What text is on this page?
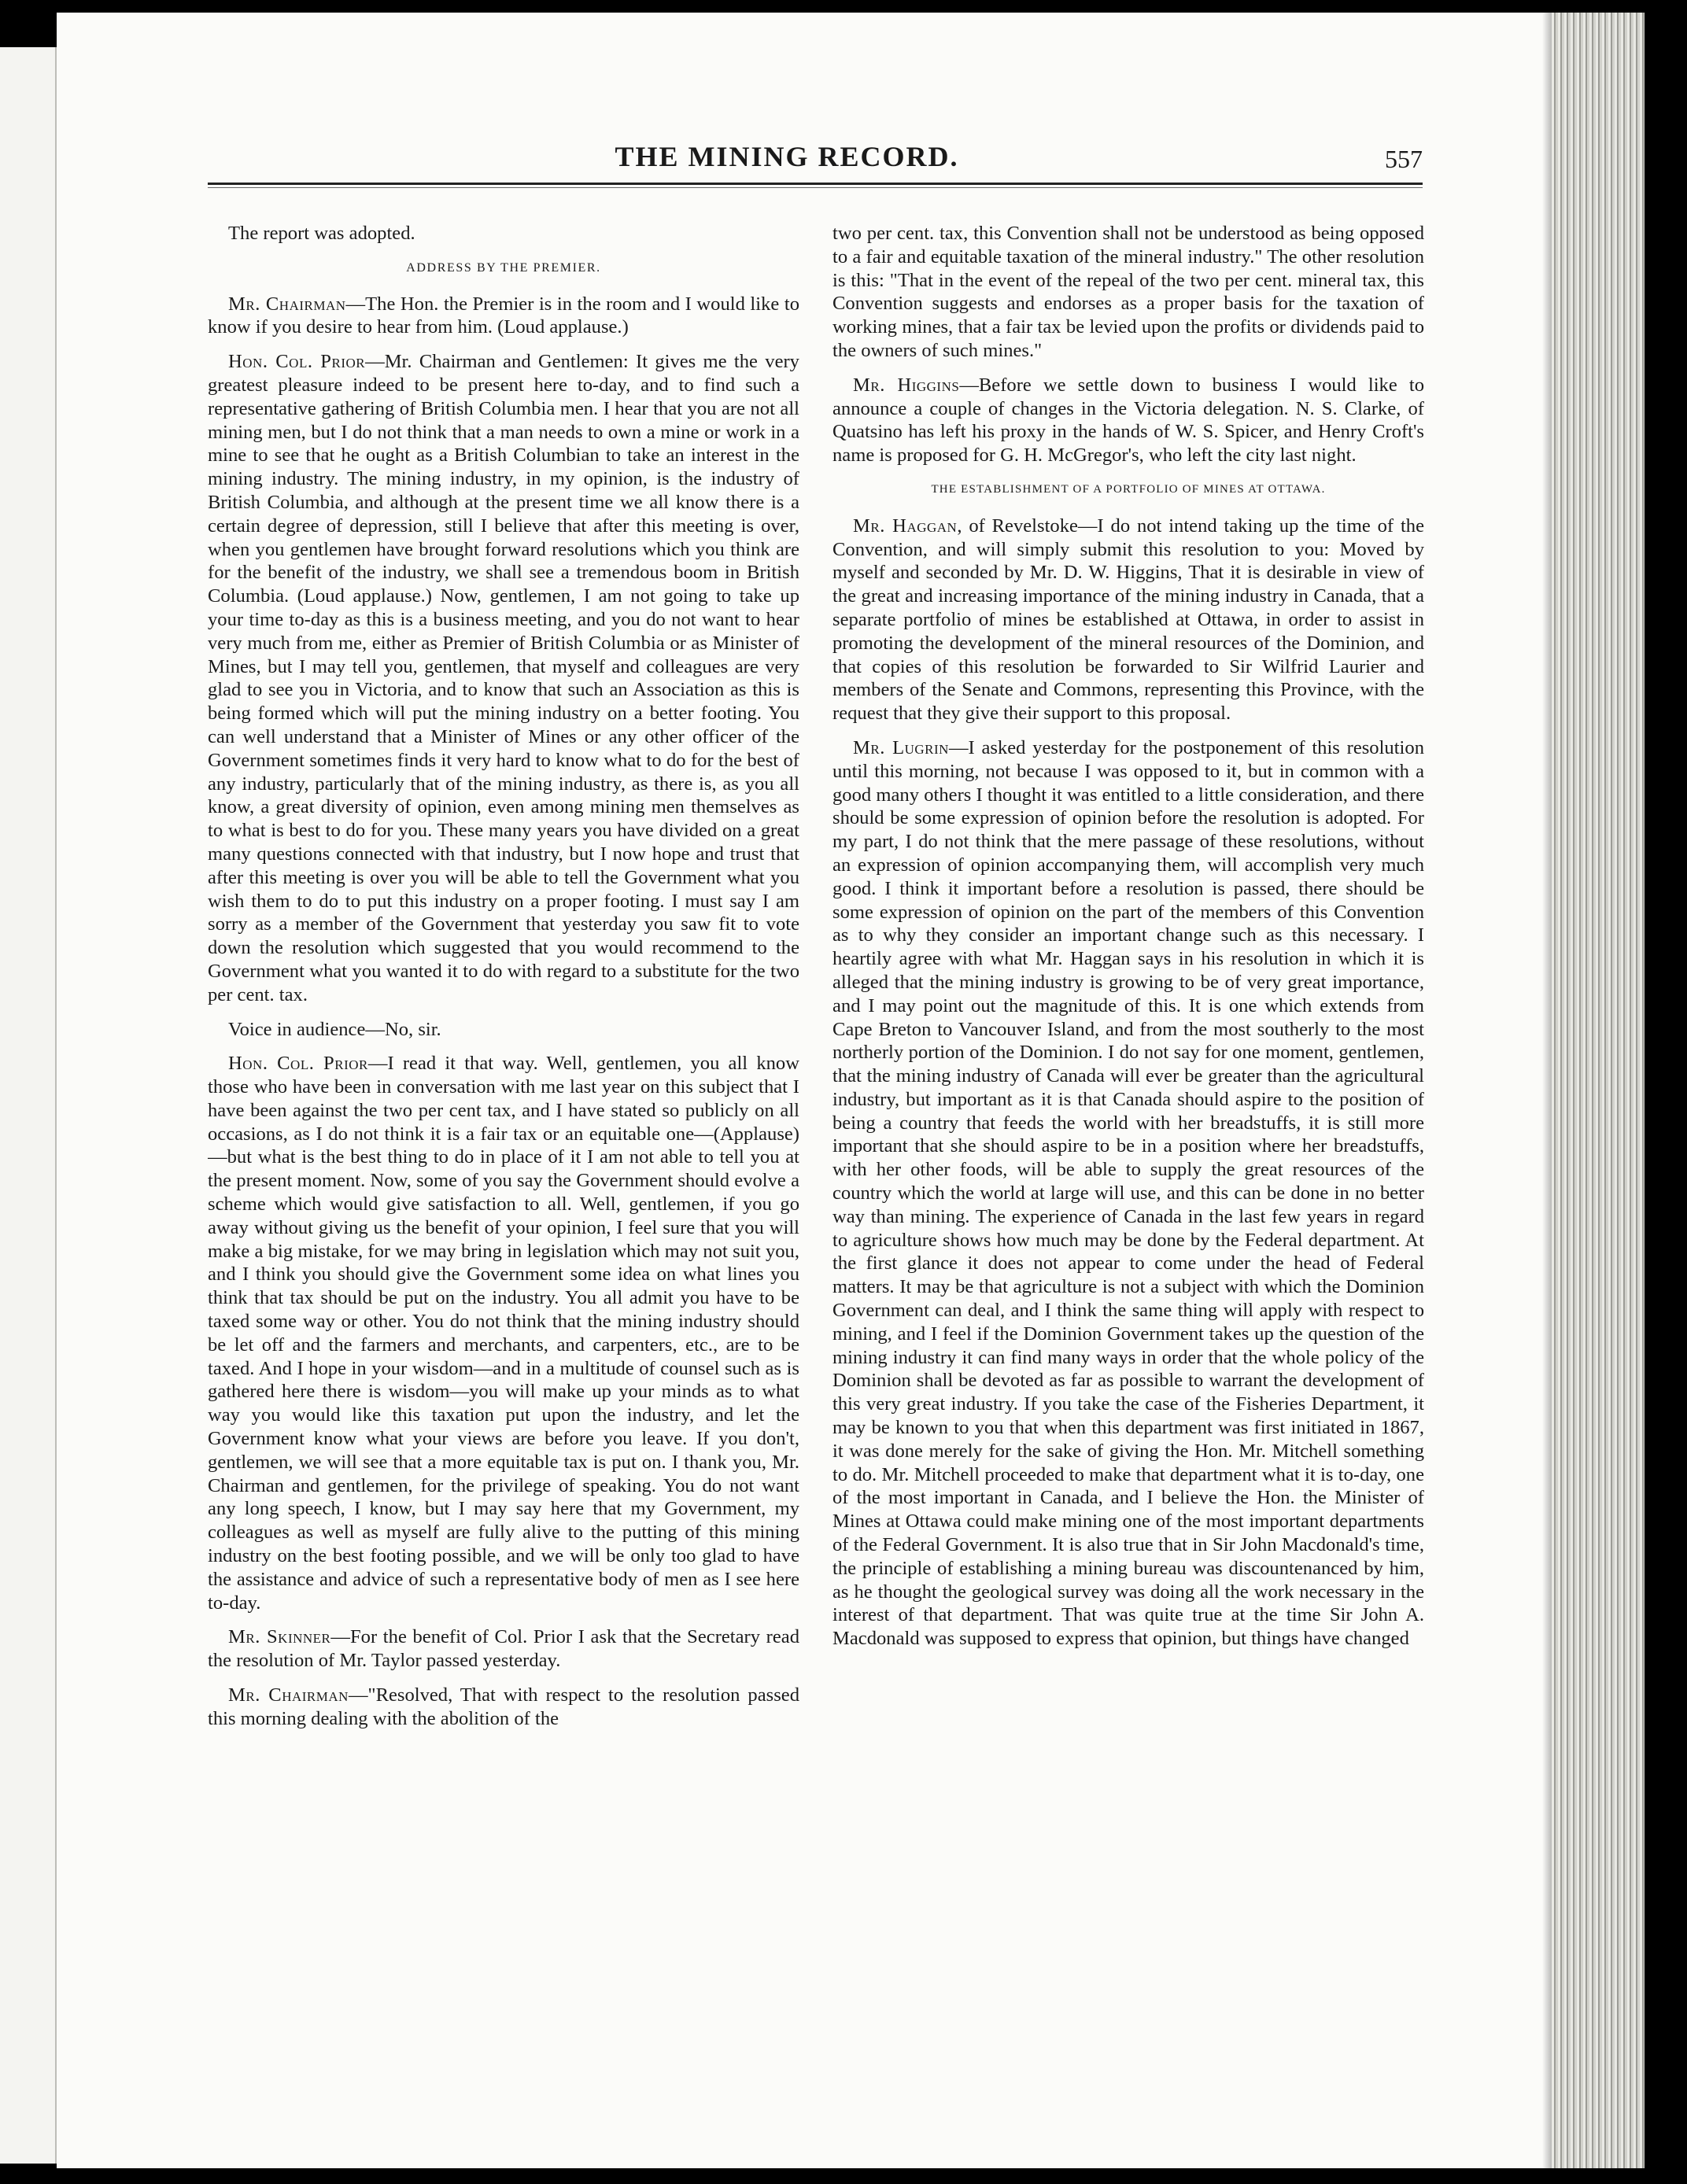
THE MINING RECORD.	557

The report was adopted.

ADDRESS BY THE PREMIER.

Mr. Chairman—The Hon. the Premier is in the room and I would like to know if you desire to hear from him. (Loud applause.)

Hon. Col. Prior—Mr. Chairman and Gentlemen: It gives me the very greatest pleasure indeed to be present here to-day, and to find such a representative gathering of British Columbia men. I hear that you are not all mining men, but I do not think that a man needs to own a mine or work in a mine to see that he ought as a British Columbian to take an interest in the mining industry. The mining industry, in my opinion, is the industry of British Columbia, and although at the present time we all know there is a certain degree of depression, still I believe that after this meeting is over, when you gentlemen have brought forward resolutions which you think are for the benefit of the industry, we shall see a tremendous boom in British Columbia. (Loud applause.) Now, gentlemen, I am not going to take up your time to-day as this is a business meeting, and you do not want to hear very much from me, either as Premier of British Columbia or as Minister of Mines, but I may tell you, gentlemen, that myself and colleagues are very glad to see you in Victoria, and to know that such an Association as this is being formed which will put the mining industry on a better footing. You can well understand that a Minister of Mines or any other officer of the Government sometimes finds it very hard to know what to do for the best of any industry, particularly that of the mining industry, as there is, as you all know, a great diversity of opinion, even among mining men themselves as to what is best to do for you. These many years you have divided on a great many questions connected with that industry, but I now hope and trust that after this meeting is over you will be able to tell the Government what you wish them to do to put this industry on a proper footing. I must say I am sorry as a member of the Government that yesterday you saw fit to vote down the resolution which suggested that you would recommend to the Government what you wanted it to do with regard to a substitute for the two per cent. tax.

Voice in audience—No, sir.

Hon. Col. Prior—I read it that way. Well, gentlemen, you all know those who have been in conversation with me last year on this subject that I have been against the two per cent tax, and I have stated so publicly on all occasions, as I do not think it is a fair tax or an equitable one—(Applause) —but what is the best thing to do in place of it I am not able to tell you at the present moment. Now, some of you say the Government should evolve a scheme which would give satisfaction to all. Well, gentlemen, if you go away without giving us the benefit of your opinion, I feel sure that you will make a big mistake, for we may bring in legislation which may not suit you, and I think you should give the Government some idea on what lines you think that tax should be put on the industry. You all admit you have to be taxed some way or other. You do not think that the mining industry should be let off and the farmers and merchants, and carpenters, etc., are to be taxed. And I hope in your wisdom—and in a multitude of counsel such as is gathered here there is wisdom—you will make up your minds as to what way you would like this taxation put upon the industry, and let the Government know what your views are before you leave. If you don't, gentlemen, we will see that a more equitable tax is put on. I thank you, Mr. Chairman and gentlemen, for the privilege of speaking. You do not want any long speech, I know, but I may say here that my Government, my colleagues as well as myself are fully alive to the putting of this mining industry on the best footing possible, and we will be only too glad to have the assistance and advice of such a representative body of men as I see here to-day.

Mr. Skinner—For the benefit of Col. Prior I ask that the Secretary read the resolution of Mr. Taylor passed yesterday.

Mr. Chairman—"Resolved, That with respect to the resolution passed this morning dealing with the abolition of the

two per cent. tax, this Convention shall not be understood as being opposed to a fair and equitable taxation of the mineral industry." The other resolution is this: "That in the event of the repeal of the two per cent. mineral tax, this Convention suggests and endorses as a proper basis for the taxation of working mines, that a fair tax be levied upon the profits or dividends paid to the owners of such mines."

Mr. Higgins—Before we settle down to business I would like to announce a couple of changes in the Victoria delegation. N. S. Clarke, of Quatsino has left his proxy in the hands of W. S. Spicer, and Henry Croft's name is proposed for G. H. McGregor's, who left the city last night.

THE ESTABLISHMENT OF A PORTFOLIO OF MINES AT OTTAWA.

Mr. Haggan, of Revelstoke—I do not intend taking up the time of the Convention, and will simply submit this resolution to you: Moved by myself and seconded by Mr. D. W. Higgins, That it is desirable in view of the great and increasing importance of the mining industry in Canada, that a separate portfolio of mines be established at Ottawa, in order to assist in promoting the development of the mineral resources of the Dominion, and that copies of this resolution be forwarded to Sir Wilfrid Laurier and members of the Senate and Commons, representing this Province, with the request that they give their support to this proposal.

Mr. Lugrin—I asked yesterday for the postponement of this resolution until this morning, not because I was opposed to it, but in common with a good many others I thought it was entitled to a little consideration, and there should be some expression of opinion before the resolution is adopted. For my part, I do not think that the mere passage of these resolutions, without an expression of opinion accompanying them, will accomplish very much good. I think it important before a resolution is passed, there should be some expression of opinion on the part of the members of this Convention as to why they consider an important change such as this necessary. I heartily agree with what Mr. Haggan says in his resolution in which it is alleged that the mining industry is growing to be of very great importance, and I may point out the magnitude of this. It is one which extends from Cape Breton to Vancouver Island, and from the most southerly to the most northerly portion of the Dominion. I do not say for one moment, gentlemen, that the mining industry of Canada will ever be greater than the agricultural industry, but important as it is that Canada should aspire to the position of being a country that feeds the world with her breadstuffs, it is still more important that she should aspire to be in a position where her breadstuffs, with her other foods, will be able to supply the great resources of the country which the world at large will use, and this can be done in no better way than mining. The experience of Canada in the last few years in regard to agriculture shows how much may be done by the Federal department. At the first glance it does not appear to come under the head of Federal matters. It may be that agriculture is not a subject with which the Dominion Government can deal, and I think the same thing will apply with respect to mining, and I feel if the Dominion Government takes up the question of the mining industry it can find many ways in order that the whole policy of the Dominion shall be devoted as far as possible to warrant the development of this very great industry. If you take the case of the Fisheries Department, it may be known to you that when this department was first initiated in 1867, it was done merely for the sake of giving the Hon. Mr. Mitchell something to do. Mr. Mitchell proceeded to make that department what it is to-day, one of the most important in Canada, and I believe the Hon. the Minister of Mines at Ottawa could make mining one of the most important departments of the Federal Government. It is also true that in Sir John Macdonald's time, the principle of establishing a mining bureau was discountenanced by him, as he thought the geological survey was doing all the work necessary in the interest of that department. That was quite true at the time Sir John A. Macdonald was supposed to express that opinion, but things have changed
